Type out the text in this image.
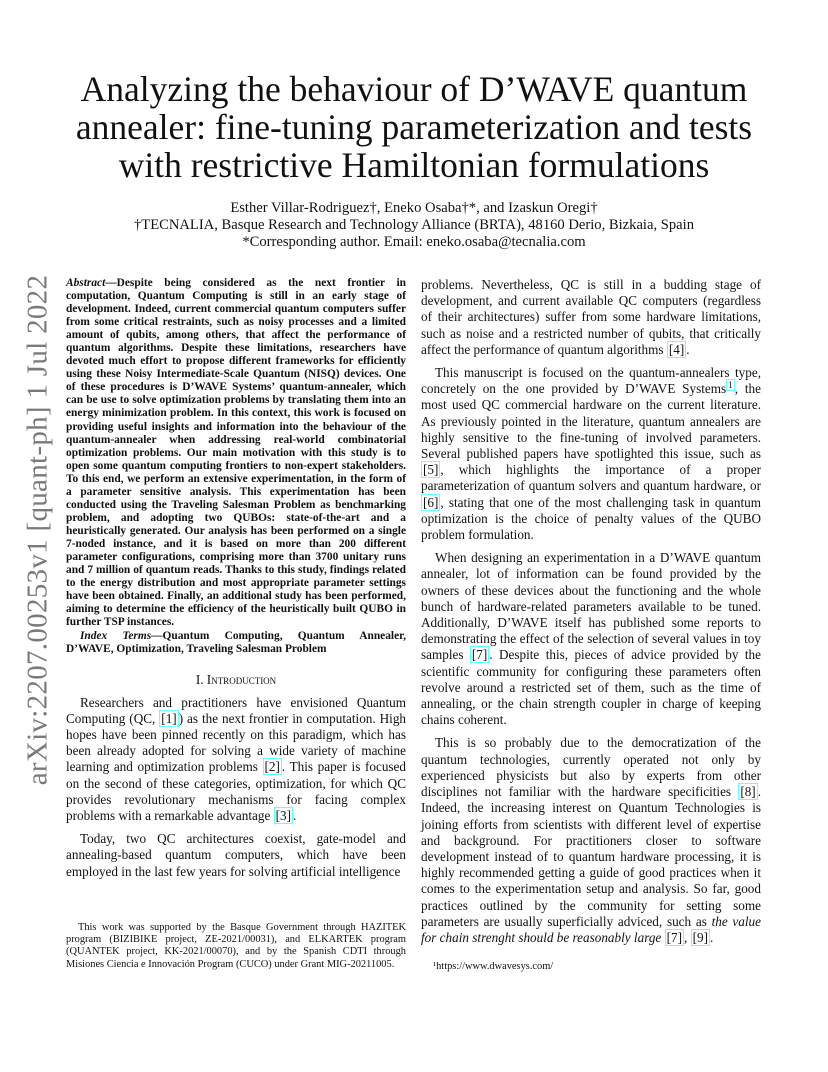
arXiv:2207.00253v1 [quant-ph] 1 Jul 2022
Analyzing the behaviour of D’WAVE quantum annealer: fine-tuning parameterization and tests with restrictive Hamiltonian formulations
Esther Villar-Rodriguez†, Eneko Osaba†*, and Izaskun Oregi†
†TECNALIA, Basque Research and Technology Alliance (BRTA), 48160 Derio, Bizkaia, Spain
*Corresponding author. Email: eneko.osaba@tecnalia.com
Abstract—Despite being considered as the next frontier in computation, Quantum Computing is still in an early stage of development. Indeed, current commercial quantum computers suffer from some critical restraints, such as noisy processes and a limited amount of qubits, among others, that affect the performance of quantum algorithms. Despite these limitations, researchers have devoted much effort to propose different frameworks for efficiently using these Noisy Intermediate-Scale Quantum (NISQ) devices. One of these procedures is D’WAVE Systems’ quantum-annealer, which can be use to solve optimization problems by translating them into an energy minimization problem. In this context, this work is focused on providing useful insights and information into the behaviour of the quantum-annealer when addressing real-world combinatorial optimization problems. Our main motivation with this study is to open some quantum computing frontiers to non-expert stakeholders. To this end, we perform an extensive experimentation, in the form of a parameter sensitive analysis. This experimentation has been conducted using the Traveling Salesman Problem as benchmarking problem, and adopting two QUBOs: state-of-the-art and a heuristically generated. Our analysis has been performed on a single 7-noded instance, and it is based on more than 200 different parameter configurations, comprising more than 3700 unitary runs and 7 million of quantum reads. Thanks to this study, findings related to the energy distribution and most appropriate parameter settings have been obtained. Finally, an additional study has been performed, aiming to determine the efficiency of the heuristically built QUBO in further TSP instances.
Index Terms—Quantum Computing, Quantum Annealer, D’WAVE, Optimization, Traveling Salesman Problem
I. Introduction

Researchers and practitioners have envisioned Quantum Computing (QC, [1] ) as the next frontier in computation. High hopes have been pinned recently on this paradigm, which has been already adopted for solving a wide variety of machine learning and optimization problems [2] . This paper is focused on the second of these categories, optimization, for which QC provides revolutionary mechanisms for facing complex problems with a remarkable advantage [3] .

Today, two QC architectures coexist, gate-model and annealing-based quantum computers, which have been employed in the last few years for solving artificial intelligence

This work was supported by the Basque Government through HAZITEK program (BIZIBIKE project, ZE-2021/00031), and ELKARTEK program (QUANTEK project, KK-2021/00070), and by the Spanish CDTI through Misiones Ciencia e Innovación Program (CUCO) under Grant MIG-20211005.

problems. Nevertheless, QC is still in a budding stage of development, and current available QC computers (regardless of their architectures) suffer from some hardware limitations, such as noise and a restricted number of qubits, that critically affect the performance of quantum algorithms [4] .

This manuscript is focused on the quantum-annealers type, concretely on the one provided by D’WAVE Systems $^1$ , the most used QC commercial hardware on the current literature. As previously pointed in the literature, quantum annealers are highly sensitive to the fine-tuning of involved parameters. Several published papers have spotlighted this issue, such as [5] , which highlights the importance of a proper parameterization of quantum solvers and quantum hardware, or [6] , stating that one of the most challenging task in quantum optimization is the choice of penalty values of the QUBO problem formulation.

When designing an experimentation in a D’WAVE quantum annealer, lot of information can be found provided by the owners of these devices about the functioning and the whole bunch of hardware-related parameters available to be tuned. Additionally, D’WAVE itself has published some reports to demonstrating the effect of the selection of several values in toy samples [7] . Despite this, pieces of advice provided by the scientific community for configuring these parameters often revolve around a restricted set of them, such as the time of annealing, or the chain strength coupler in charge of keeping chains coherent.

This is so probably due to the democratization of the quantum technologies, currently operated not only by experienced physicists but also by experts from other disciplines not familiar with the hardware specificities [8] . Indeed, the increasing interest on Quantum Technologies is joining efforts from scientists with different level of expertise and background. For practitioners closer to software development instead of to quantum hardware processing, it is highly recommended getting a guide of good practices when it comes to the experimentation setup and analysis. So far, good practices outlined by the community for setting some parameters are usually superficially adviced, such as the value for chain strenght should be reasonably large [7] , [9] .

¹https://www.dwavesys.com/
